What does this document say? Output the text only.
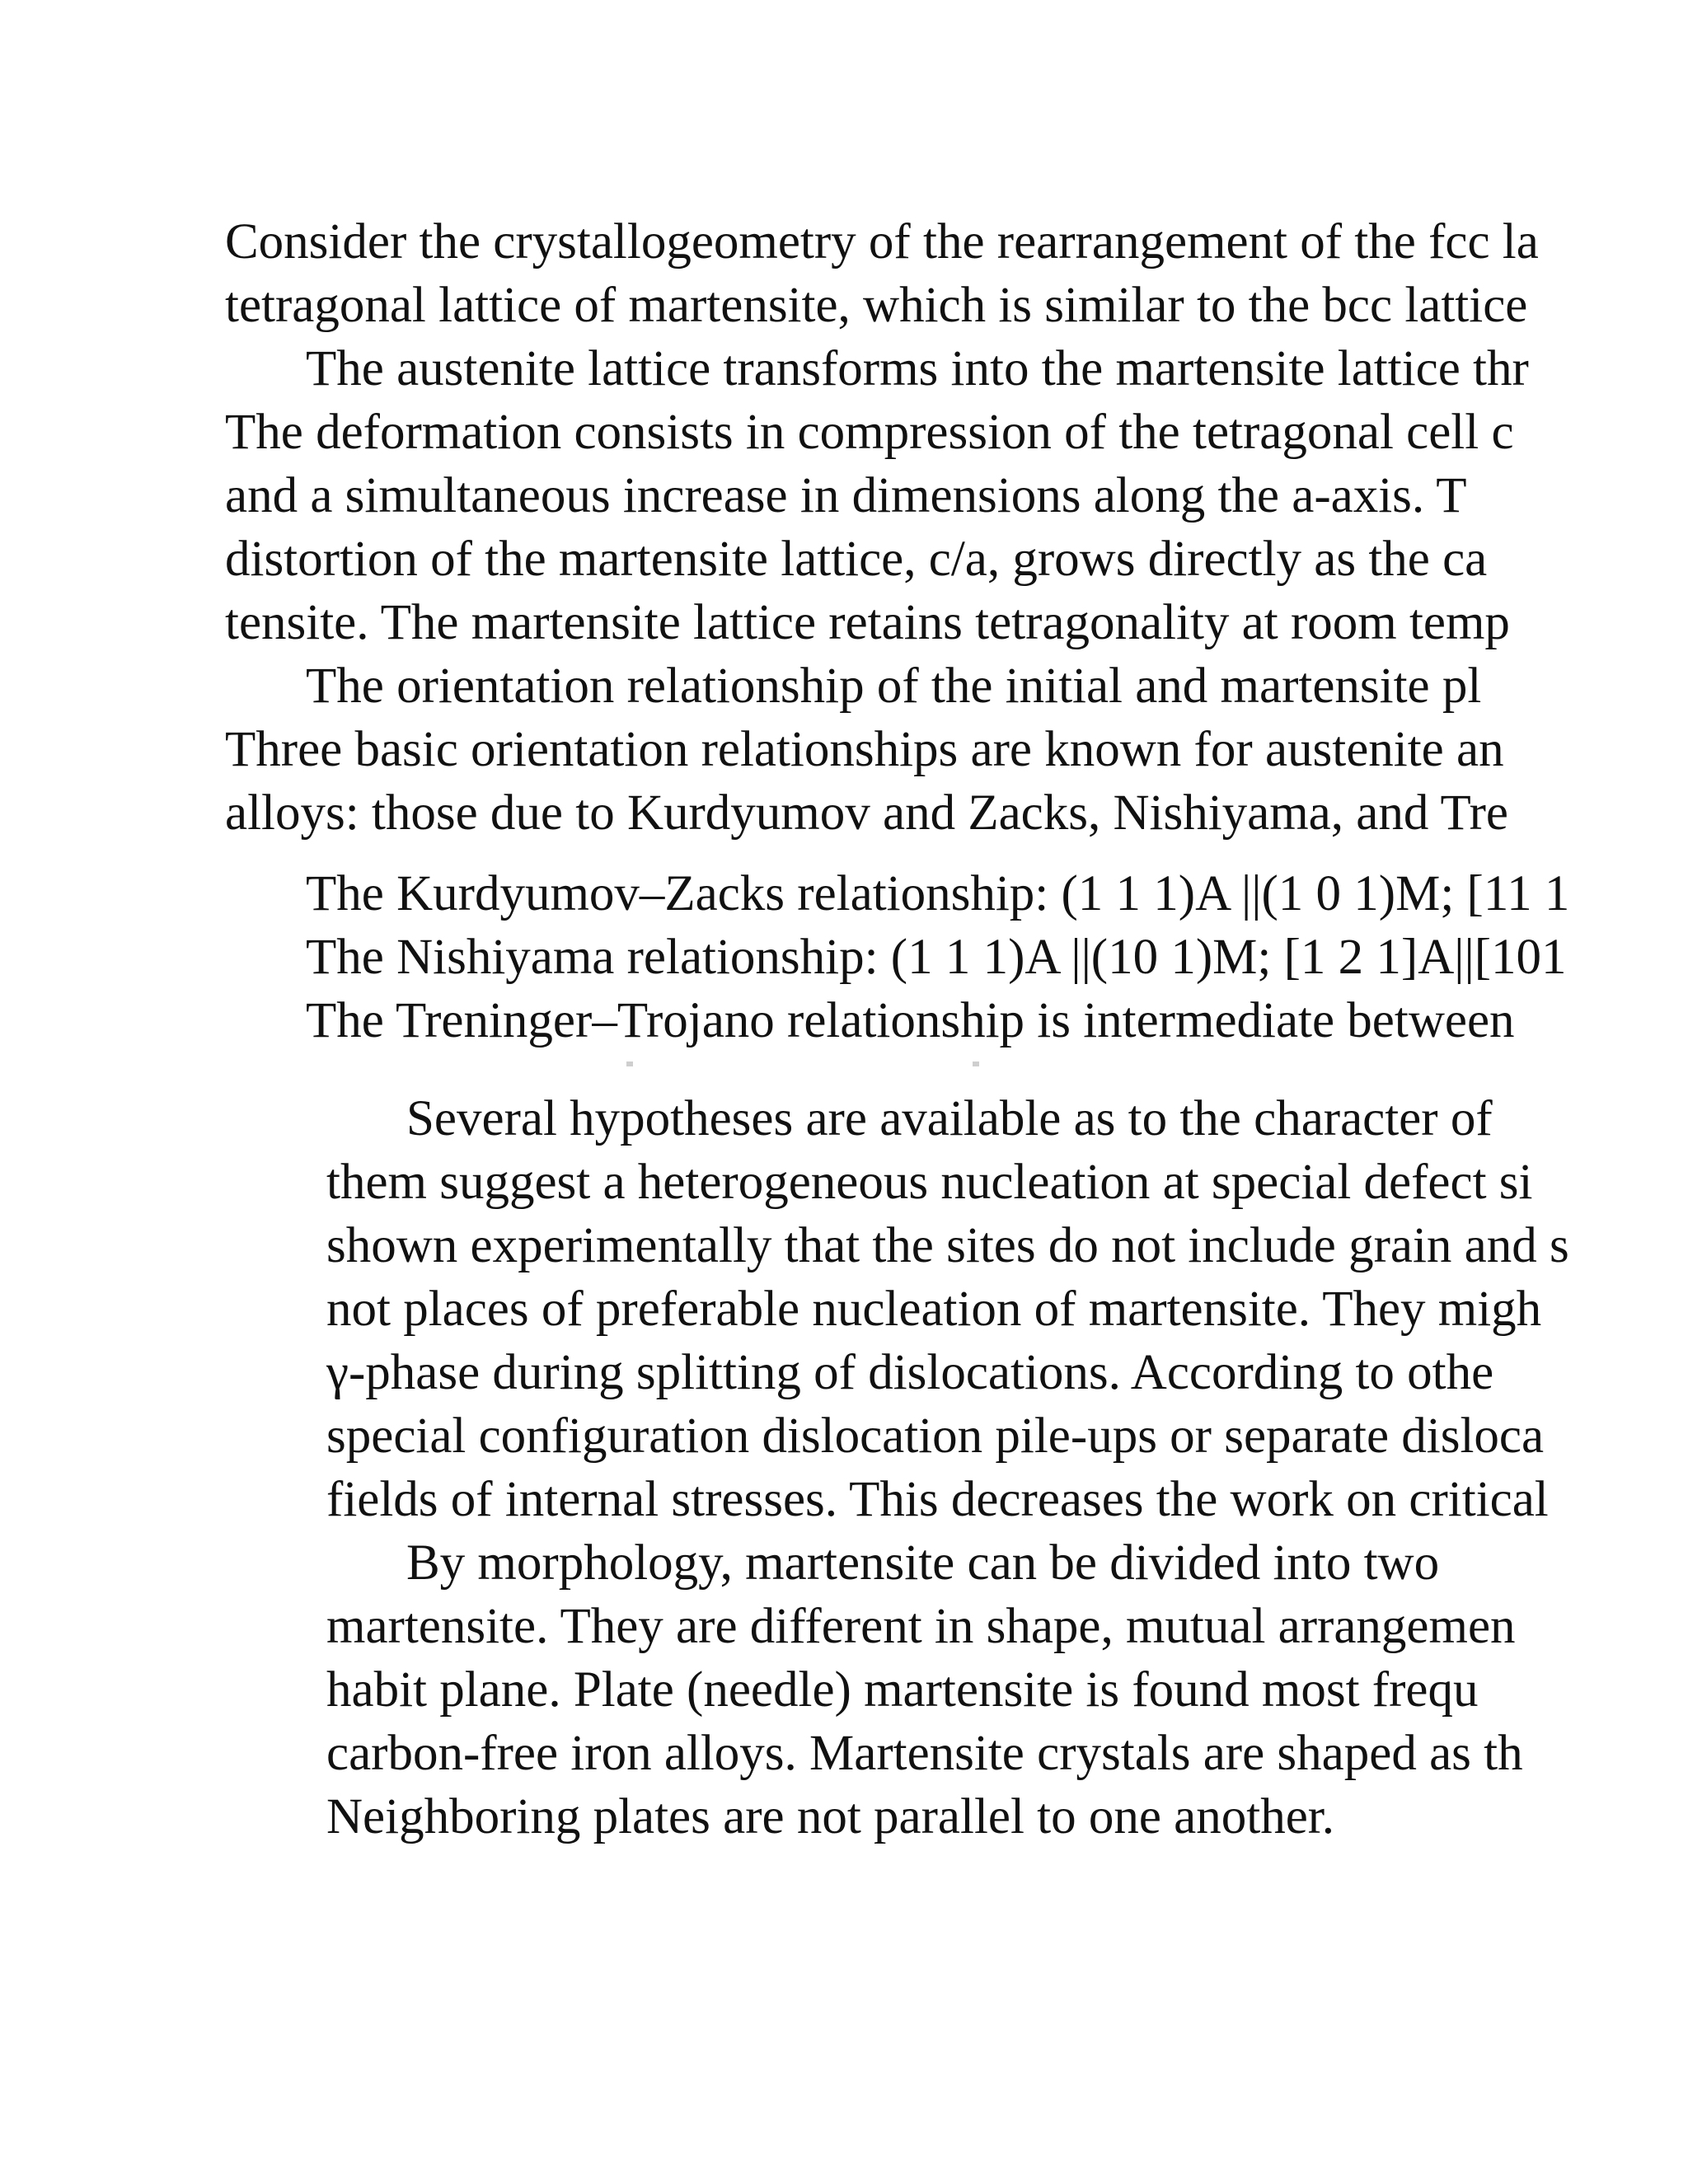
Consider the crystallogeometry of the rearrangement of the fcc la
tetragonal lattice of martensite, which is similar to the bcc lattice
The austenite lattice transforms into the martensite lattice thr
The deformation consists in compression of the tetragonal cell c
and a simultaneous increase in dimensions along the a-axis. T
distortion of the martensite lattice, c/a, grows directly as the ca
tensite. The martensite lattice retains tetragonality at room temp
The orientation relationship of the initial and martensite pl
Three basic orientation relationships are known for austenite an
alloys: those due to Kurdyumov and Zacks, Nishiyama, and Tre
The Kurdyumov–Zacks relationship: (1 1 1)A ||(1 0 1)M; [11 1
The Nishiyama relationship: (1 1 1)A ||(10 1)M; [1 2 1]A||[101
The Treninger–Trojano relationship is intermediate between
Several hypotheses are available as to the character of
them suggest a heterogeneous nucleation at special defect si
shown experimentally that the sites do not include grain and s
not places of preferable nucleation of martensite. They migh
γ-phase during splitting of dislocations. According to othe
special configuration dislocation pile-ups or separate disloca
fields of internal stresses. This decreases the work on critical
By morphology, martensite can be divided into two
martensite. They are different in shape, mutual arrangemen
habit plane. Plate (needle) martensite is found most frequ
carbon-free iron alloys. Martensite crystals are shaped as th
Neighboring plates are not parallel to one another.
